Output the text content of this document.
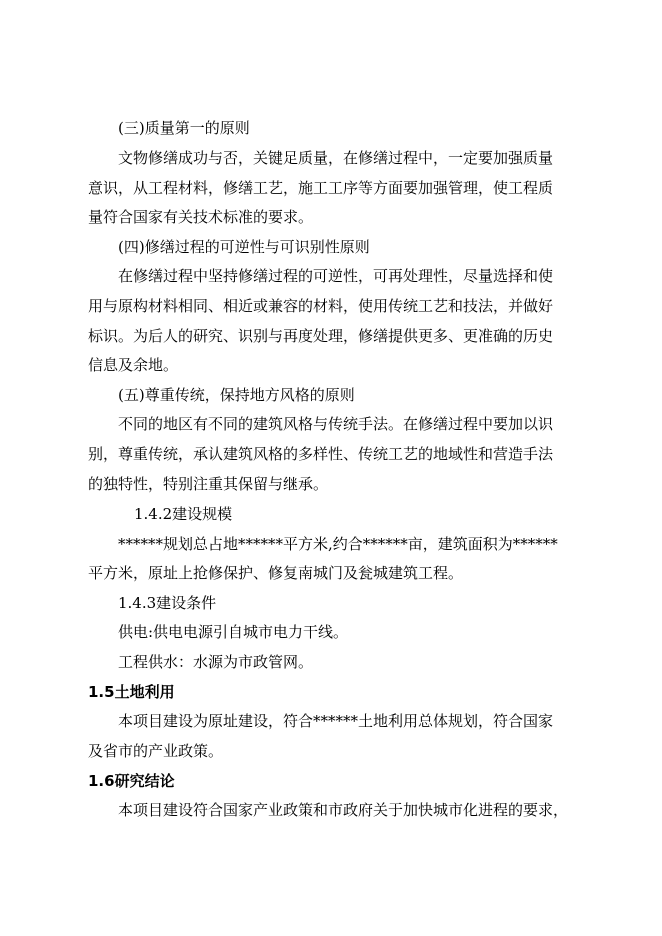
(三)质量第一的原则
文物修缮成功与否，关键足质量，在修缮过程中，一定要加强质量
意识，从工程材料，修缮工艺，施工工序等方面要加强管理，使工程质
量符合国家有关技术标准的要求。
(四)修缮过程的可逆性与可识别性原则
在修缮过程中坚持修缮过程的可逆性，可再处理性，尽量选择和使
用与原构材料相同、相近或兼容的材料，使用传统工艺和技法，并做好
标识。为后人的研究、识别与再度处理，修缮提供更多、更准确的历史
信息及余地。
(五)尊重传统，保持地方风格的原则
不同的地区有不同的建筑风格与传统手法。在修缮过程中要加以识
别，尊重传统，承认建筑风格的多样性、传统工艺的地域性和营造手法
的独特性，特别注重其保留与继承。
1.4.2建设规模
******规划总占地******平方米,约合******亩，建筑面积为******
平方米，原址上抢修保护、修复南城门及瓮城建筑工程。
1.4.3建设条件
供电:供电电源引自城市电力干线。
工程供水：水源为市政管网。
1.5土地利用
本项目建设为原址建设，符合******土地利用总体规划，符合国家
及省市的产业政策。
1.6研究结论
本项目建设符合国家产业政策和市政府关于加快城市化进程的要求，
